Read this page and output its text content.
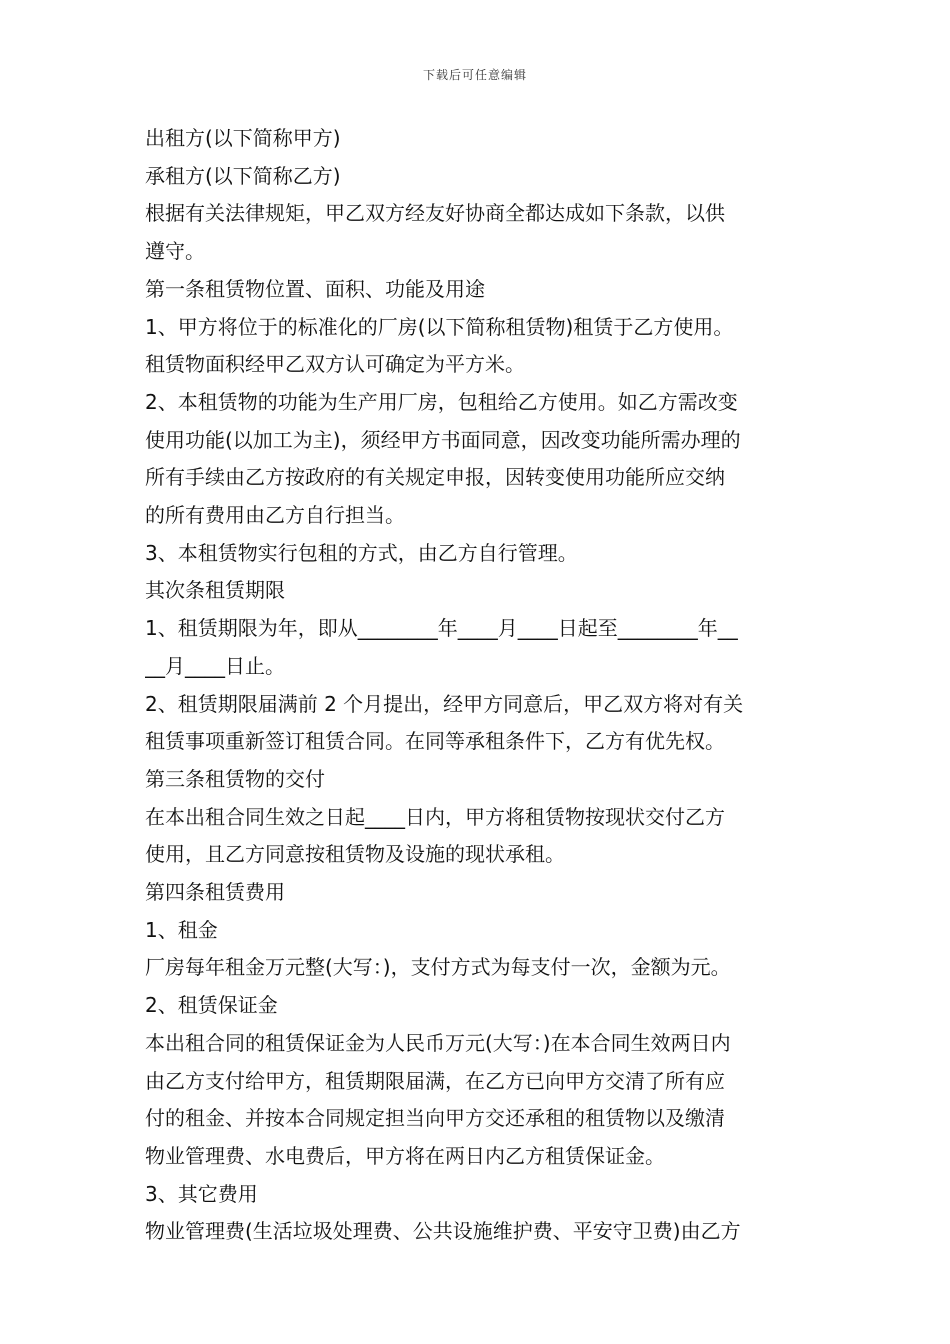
下载后可任意编辑

出租方(以下简称甲方)

承租方(以下简称乙方)

根据有关法律规矩，甲乙双方经友好协商全都达成如下条款，以供

遵守。

第一条租赁物位置、面积、功能及用途

1、甲方将位于的标准化的厂房(以下简称租赁物)租赁于乙方使用。

租赁物面积经甲乙双方认可确定为平方米。

2、本租赁物的功能为生产用厂房，包租给乙方使用。如乙方需改变

使用功能(以加工为主)，须经甲方书面同意，因改变功能所需办理的

所有手续由乙方按政府的有关规定申报，因转变使用功能所应交纳

的所有费用由乙方自行担当。

3、本租赁物实行包租的方式，由乙方自行管理。

其次条租赁期限

1、租赁期限为年，即从________年____月____日起至________年__

__月____日止。

2、租赁期限届满前 2 个月提出，经甲方同意后，甲乙双方将对有关

租赁事项重新签订租赁合同。在同等承租条件下，乙方有优先权。

第三条租赁物的交付

在本出租合同生效之日起____日内，甲方将租赁物按现状交付乙方

使用，且乙方同意按租赁物及设施的现状承租。

第四条租赁费用

1、租金

厂房每年租金万元整(大写：)，支付方式为每支付一次，金额为元。

2、租赁保证金

本出租合同的租赁保证金为人民币万元(大写：)在本合同生效两日内

由乙方支付给甲方，租赁期限届满，在乙方已向甲方交清了所有应

付的租金、并按本合同规定担当向甲方交还承租的租赁物以及缴清

物业管理费、水电费后，甲方将在两日内乙方租赁保证金。

3、其它费用

物业管理费(生活垃圾处理费、公共设施维护费、平安守卫费)由乙方
